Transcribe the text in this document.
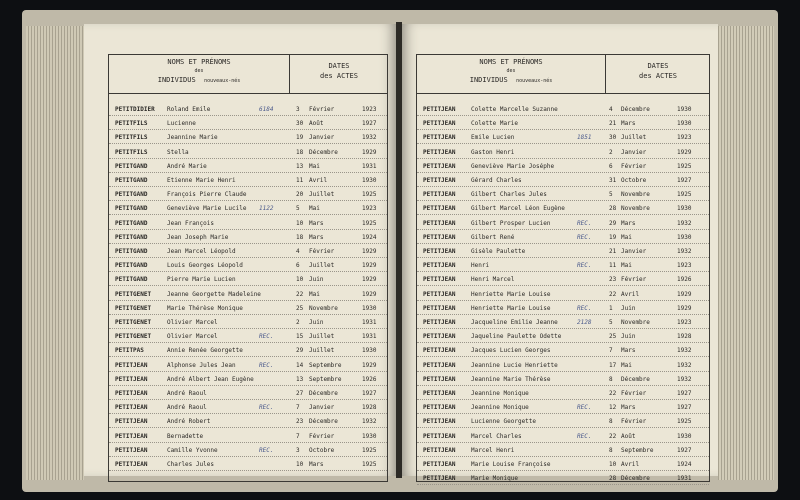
NOMS ET PRÉNOMS
des
INDIVIDUS nouveaux-nés
DATES
des ACTES
PETITDIDIER Roland Emile	6184	3 Février	1923
PETITFILS	Lucienne	30 Août	1927
PETITFILS	Jeannine Marie	19 Janvier	1932
PETITFILS	Stella	18 Décembre	1929
PETITGAND	André Marie	13 Mai	1931
PETITGAND	Etienne Marie Henri	11 Avril	1930
PETITGAND	François Pierre Claude	20 Juillet	1925
PETITGAND	Geneviève Marie Lucile 1122	5 Mai	1923
PETITGAND	Jean François	10 Mars	1925
PETITGAND	Jean Joseph Marie	18 Mars	1924
PETITGAND	Jean Marcel Léopold	4 Février	1929
PETITGAND	Louis Georges Léopold	6 Juillet	1929
PETITGAND	Pierre Marie Lucien	10 Juin	1929
PETITGENET	Jeanne Georgette Madeleine	22 Mai	1929
PETITGENET	Marie Thérèse Monique	25 Novembre	1930
PETITGENET	Olivier Marcel	2 Juin	1931
PETITGENET	Olivier Marcel	REC.	15 Juillet	1931
PETITPAS	Annie Renée Georgette	29 Juillet	1930
PETITJEAN	Alphonse Jules Jean	REC.	14 Septembre	1929
PETITJEAN	André Albert Jean Eugène	13 Septembre	1926
PETITJEAN	André Raoul	27 Décembre	1927
PETITJEAN	André Raoul	REC.	7 Janvier	1928
PETITJEAN	André Robert	23 Décembre	1932
PETITJEAN	Bernadette	7 Février	1930
PETITJEAN	Camille Yvonne	REC.	3 Octobre	1925
PETITJEAN	Charles Jules	10 Mars	1925
NOMS ET PRÉNOMS
des
INDIVIDUS nouveaux-nés
DATES
des ACTES
PETITJEAN	Colette Marcelle Suzanne	4 Décembre	1930
PETITJEAN	Colette Marie	21 Mars	1930
PETITJEAN	Emile Lucien	1851	30 Juillet	1923
PETITJEAN	Gaston Henri	2 Janvier	1929
PETITJEAN	Geneviève Marie Joséphe	6 Février	1925
PETITJEAN	Gérard Charles	31 Octobre	1927
PETITJEAN	Gilbert Charles Jules	5 Novembre	1925
PETITJEAN	Gilbert Marcel Léon Eugène	28 Novembre	1930
PETITJEAN	Gilbert Prosper Lucien	REC.	29 Mars	1932
PETITJEAN	Gilbert René	REC.	19 Mai	1930
PETITJEAN	Gisèle Paulette	21 Janvier	1932
PETITJEAN	Henri	REC.	11 Mai	1923
PETITJEAN	Henri Marcel	23 Février	1926
PETITJEAN	Henriette Marie Louise	22 Avril	1929
PETITJEAN	Henriette Marie Louise	REC.	1 Juin	1929
PETITJEAN	Jacqueline Emilie Jeanne	2128	5 Novembre	1923
PETITJEAN	Jaqueline Paulette Odette	25 Juin	1928
PETITJEAN	Jacques Lucien Georges	7 Mars	1932
PETITJEAN	Jeannine Lucie Henriette	17 Mai	1932
PETITJEAN	Jeannine Marie Thérèse	8 Décembre	1932
PETITJEAN	Jeannine Monique	22 Février	1927
PETITJEAN	Jeannine Monique	REC.	12 Mars	1927
PETITJEAN	Lucienne Georgette	8 Février	1925
PETITJEAN	Marcel Charles	REC.	22 Août	1930
PETITJEAN	Marcel Henri	8 Septembre	1927
PETITJEAN	Marie Louise Françoise	10 Avril	1924
PETITJEAN	Marie Monique	28 Décembre	1931
